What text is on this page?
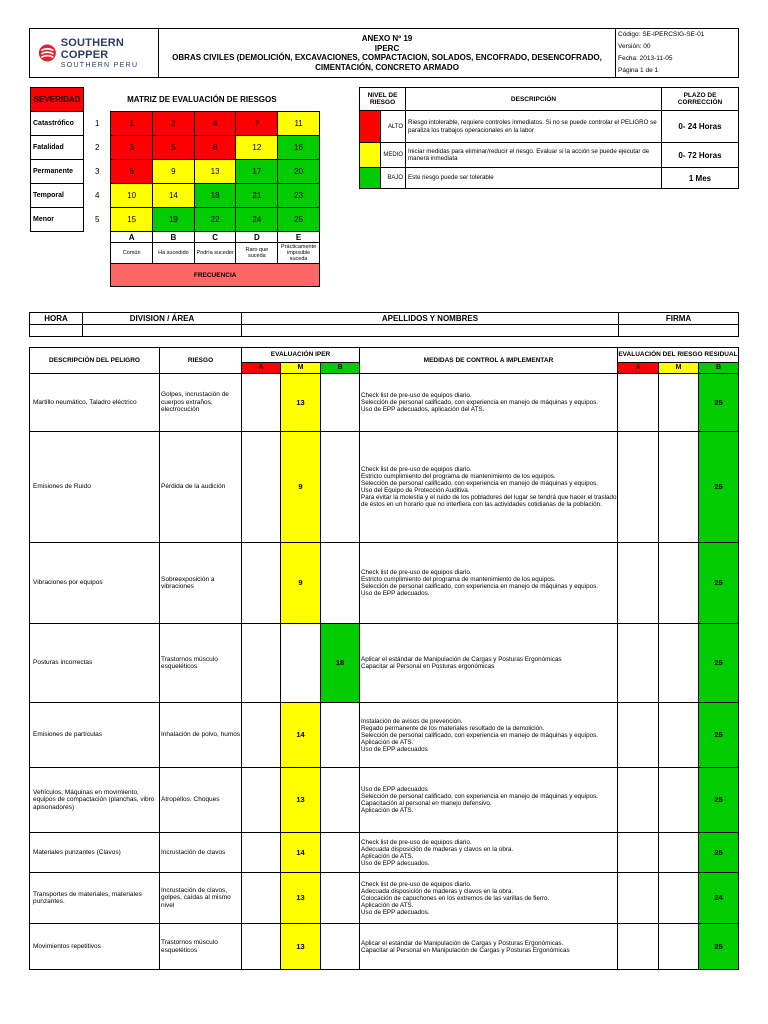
SOUTHERN COPPER
SOUTHERN PERU

ANEXO Nº 19
IPERC
OBRAS CIVILES (DEMOLICIÓN, EXCAVACIONES, COMPACTACION, SOLADOS, ENCOFRADO, DESENCOFRADO,
CIMENTACIÓN, CONCRETO ARMADO

Código: SE-IPERCSIG-SE-01
Versión: 00
Fecha: 2013-11-05
Página 1 de 1
SEVERIDAD	MATRIZ DE EVALUACIÓN DE RIESGOS					
Catastrófico	1	1	2	4	7	11
Fatalidad	2	3	5	8	12	16
Permanente	3	6	9	13	17	20
Temporal	4	10	14	18	21	23
Menor	5	15	19	22	24	25
		A	B	C	D	E
		Común	Ha sucedido	Podría suceder	Raro que suceda	Prácticamente imposible suceda
		FRECUENCIA				
NIVEL DE RIESGO		DESCRIPCIÓN	PLAZO DE CORRECCIÓN
	ALTO	Riesgo intolerable, requiere controles inmediatos. Si no se puede controlar el PELIGRO se paraliza los trabajos operacionales en la labor	0- 24 Horas
	MEDIO	Iniciar medidas para eliminar/reducir el riesgo. Evaluar si la acción se puede ejecutar de manera inmediata	0- 72 Horas
	BAJO	Este riesgo puede ser tolerable	1 Mes
HORA	DIVISION / ÁREA	APELLIDOS Y NOMBRES	FIRMA

DESCRIPCIÓN DEL PELIGRO	RIESGO	EVALUACIÓN IPER			MEDIDAS DE CONTROL A IMPLEMENTAR	EVALUACIÓN DEL RIESGO RESIDUAL		
		A	M	B		A	M	B
Martillo neumático, Taladro eléctrico	Golpes, incrustación de cuerpos extraños, electrocución		13		Check list de pre-uso de equipos diario.
Selección de personal calificado, con experiencia en manejo de máquinas y equipos.
Uso de EPP adecuados, aplicación del ATS.			25
Emisiones de Ruido	Pérdida de la audición		9		Check list de pre-uso de equipos diario.
Estricto cumplimiento del programa de mantenimiento de los equipos.
Selección de personal calificado, con experiencia en manejo de máquinas y equipos.
Uso del Equipo de Protección Auditiva.
Para evitar la molestia y el ruido de los pobladores del lugar se tendrá que hacer el traslado de éstos en un horario que no interfiera con las actividades cotidianas de la población.			25
Vibraciones por equipos	Sobreexposición a vibraciones		9		Check list de pre-uso de equipos diario.
Estricto cumplimiento del programa de mantenimiento de los equipos.
Selección de personal calificado, con experiencia en manejo de máquinas y equipos.
Uso de EPP adecuados.			25
Posturas incorrectas	Trastornos músculo esqueléticos			18	Aplicar el estándar de Manipulación de Cargas y Posturas Ergonómicas
Capacitar al Personal en Posturas ergonómicas			25
Emisiones de partículas	Inhalación de polvo, humos		14		Instalación de avisos de prevención.
Regado permanente de los materiales resultado de la demolición.
Selección de personal calificado, con experiencia en manejo de máquinas y equipos.
Aplicación de ATS.
Uso de EPP adecuados			25
Vehículos, Máquinas en movimiento, equipos de compactación (planchas, vibro apisonadores)	Atropellos. Choques		13		Uso de EPP adecuados
Selección de personal calificado, con experiencia en manejo de máquinas y equipos.
Capacitación al personal en manejo defensivo.
Aplicación de ATS.			25
Materiales punzantes (Clavos)	Incrustación de clavos		14		Check list de pre-uso de equipos diario.
Adecuada disposición de maderas y clavos en la obra.
Aplicación de ATS.
Uso de EPP adecuados.			25
Transportes de materiales, materiales punzantes.	Incrustación de clavos, golpes, caídas al mismo nivel		13		Check list de pre-uso de equipos diario.
Adecuada disposición de maderas y clavos en la obra.
Colocación de capuchones en los extremos de las varillas de fierro.
Aplicación de ATS.
Uso de EPP adecuados.			24
Movimientos repetitivos	Trastornos músculo esqueléticos		13		Aplicar el estándar de Manipulación de Cargas y Posturas Ergonómicas.
Capacitar al Personal en Manipulación de Cargas y Posturas Ergonómicas			25
